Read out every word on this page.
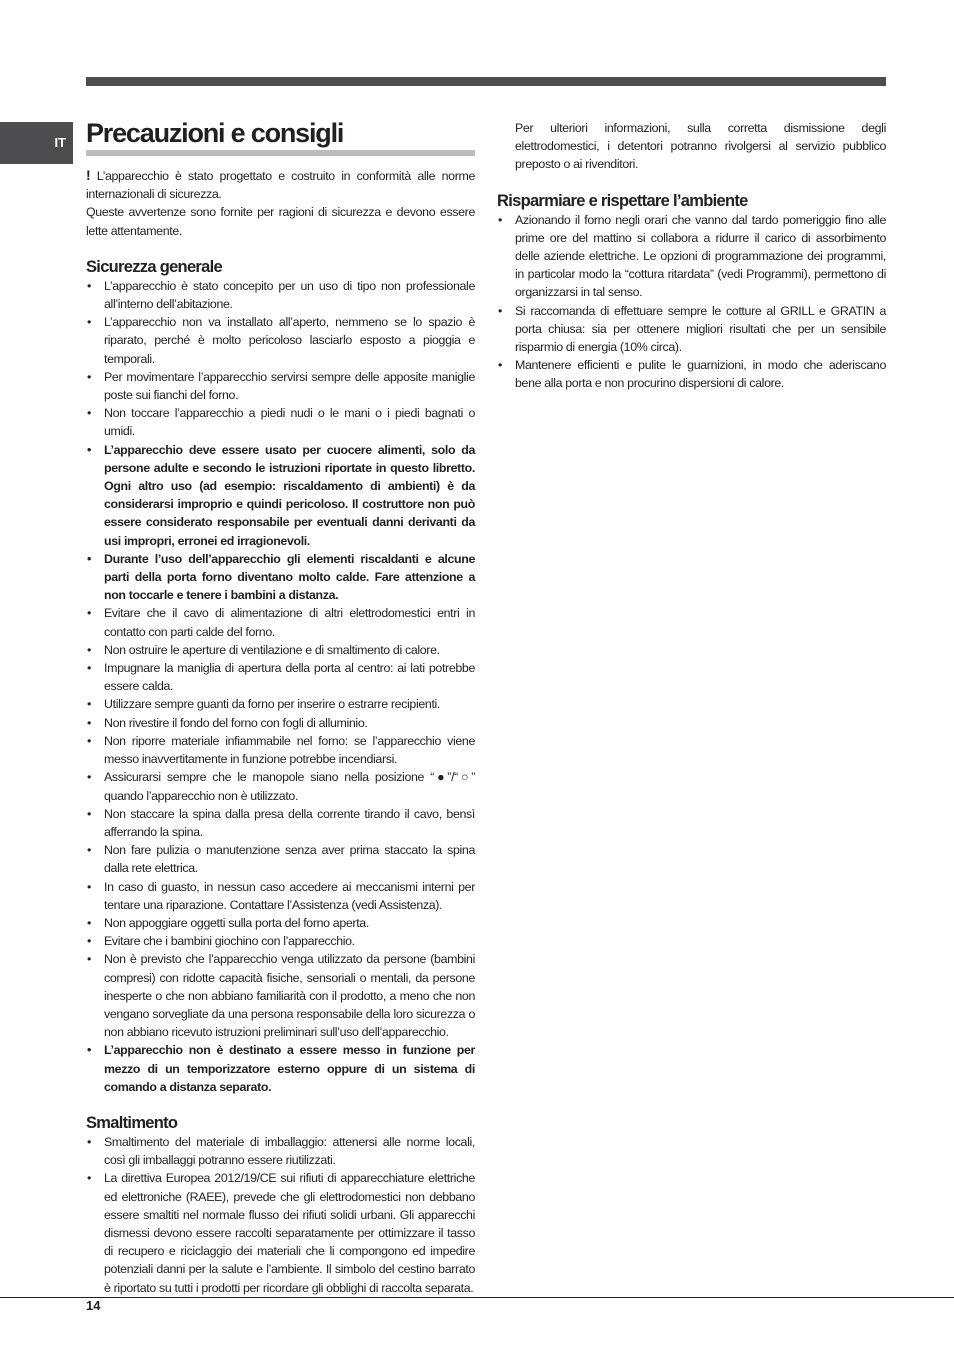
IT Precauzioni e consigli

! L’apparecchio è stato progettato e costruito in conformità alle norme internazionali di sicurezza.

Queste avvertenze sono fornite per ragioni di sicurezza e devono essere lette attentamente.

Sicurezza generale
• L’apparecchio è stato concepito per un uso di tipo non professionale all’interno dell’abitazione.
• L’apparecchio non va installato all’aperto, nemmeno se lo spazio è riparato, perché è molto pericoloso lasciarlo esposto a pioggia e temporali.
• Per movimentare l’apparecchio servirsi sempre delle apposite maniglie poste sui fianchi del forno.
• Non toccare l’apparecchio a piedi nudi o le mani o i piedi bagnati o umidi.
• L’apparecchio deve essere usato per cuocere alimenti, solo da persone adulte e secondo le istruzioni riportate in questo libretto. Ogni altro uso (ad esempio: riscaldamento di ambienti) è da considerarsi improprio e quindi pericoloso. Il costruttore non può essere considerato responsabile per eventuali danni derivanti da usi impropri, erronei ed irragionevoli.
• Durante l’uso dell’apparecchio gli elementi riscaldanti e alcune parti della porta forno diventano molto calde. Fare attenzione a non toccarle e tenere i bambini a distanza.
• Evitare che il cavo di alimentazione di altri elettrodomestici entri in contatto con parti calde del forno.
• Non ostruire le aperture di ventilazione e di smaltimento di calore.
• Impugnare la maniglia di apertura della porta al centro: ai lati potrebbe essere calda.
• Utilizzare sempre guanti da forno per inserire o estrarre recipienti.
• Non rivestire il fondo del forno con fogli di alluminio.
• Non riporre materiale infiammabile nel forno: se l’apparecchio viene messo inavvertitamente in funzione potrebbe incendiarsi.
• Assicurarsi sempre che le manopole siano nella posizione “●”/“○” quando l’apparecchio non è utilizzato.
• Non staccare la spina dalla presa della corrente tirando il cavo, bensì afferrando la spina.
• Non fare pulizia o manutenzione senza aver prima staccato la spina dalla rete elettrica.
• In caso di guasto, in nessun caso accedere ai meccanismi interni per tentare una riparazione. Contattare l’Assistenza (vedi Assistenza).
• Non appoggiare oggetti sulla porta del forno aperta.
• Evitare che i bambini giochino con l’apparecchio.
• Non è previsto che l’apparecchio venga utilizzato da persone (bambini compresi) con ridotte capacità fisiche, sensoriali o mentali, da persone inesperte o che non abbiano familiarità con il prodotto, a meno che non vengano sorvegliate da una persona responsabile della loro sicurezza o non abbiano ricevuto istruzioni preliminari sull’uso dell’apparecchio.
• L’apparecchio non è destinato a essere messo in funzione per mezzo di un temporizzatore esterno oppure di un sistema di comando a distanza separato.
Smaltimento
• Smaltimento del materiale di imballaggio: attenersi alle norme locali, così gli imballaggi potranno essere riutilizzati.
• La direttiva Europea 2012/19/CE sui rifiuti di apparecchiature elettriche ed elettroniche (RAEE), prevede che gli elettrodomestici non debbano essere smaltiti nel normale flusso dei rifiuti solidi urbani. Gli apparecchi dismessi devono essere raccolti separatamente per ottimizzare il tasso di recupero e riciclaggio dei materiali che li compongono ed impedire potenziali danni per la salute e l’ambiente. Il simbolo del cestino barrato è riportato su tutti i prodotti per ricordare gli obblighi di raccolta separata.

Per ulteriori informazioni, sulla corretta dismissione degli elettrodomestici, i detentori potranno rivolgersi al servizio pubblico preposto o ai rivenditori.

Risparmiare e rispettare l’ambiente
• Azionando il forno negli orari che vanno dal tardo pomeriggio fino alle prime ore del mattino si collabora a ridurre il carico di assorbimento delle aziende elettriche. Le opzioni di programmazione dei programmi, in particolar modo la “cottura ritardata” (vedi Programmi), permettono di organizzarsi in tal senso.
• Si raccomanda di effettuare sempre le cotture al GRILL e GRATIN a porta chiusa: sia per ottenere migliori risultati che per un sensibile risparmio di energia (10% circa).
• Mantenere efficienti e pulite le guarnizioni, in modo che aderiscano bene alla porta e non procurino dispersioni di calore.
14
